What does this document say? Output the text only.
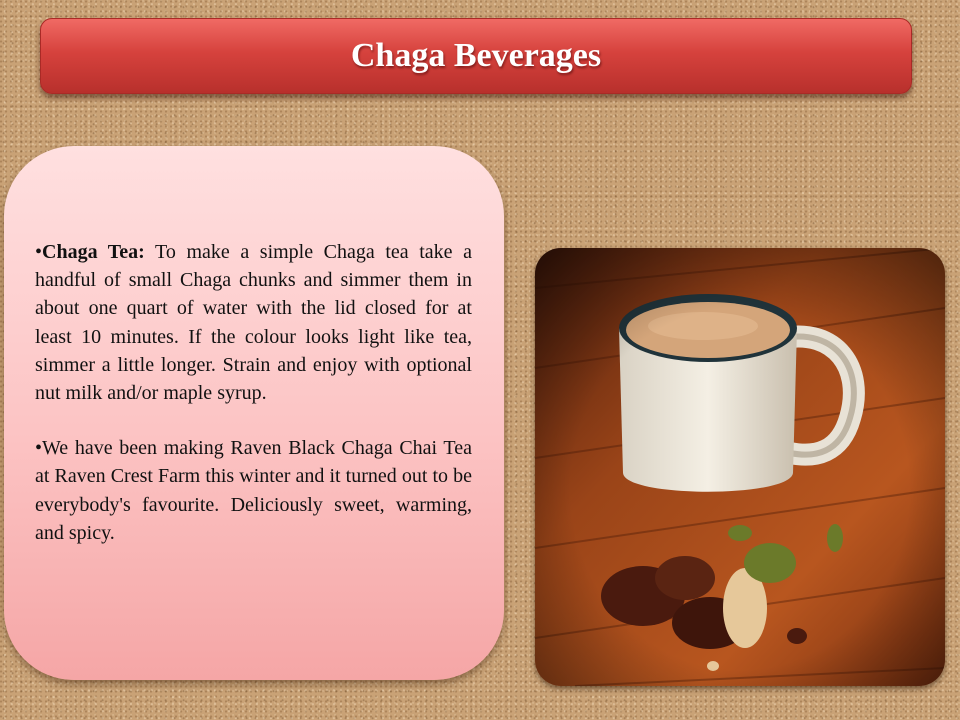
Chaga Beverages

•Chaga Tea: To make a simple Chaga tea take a handful of small Chaga chunks and simmer them in about one quart of water with the lid closed for at least 10 minutes. If the colour looks light like tea, simmer a little longer. Strain and enjoy with optional nut milk and/or maple syrup.

•We have been making Raven Black Chaga Chai Tea at Raven Crest Farm this winter and it turned out to be everybody's favourite. Deliciously sweet, warming, and spicy.
